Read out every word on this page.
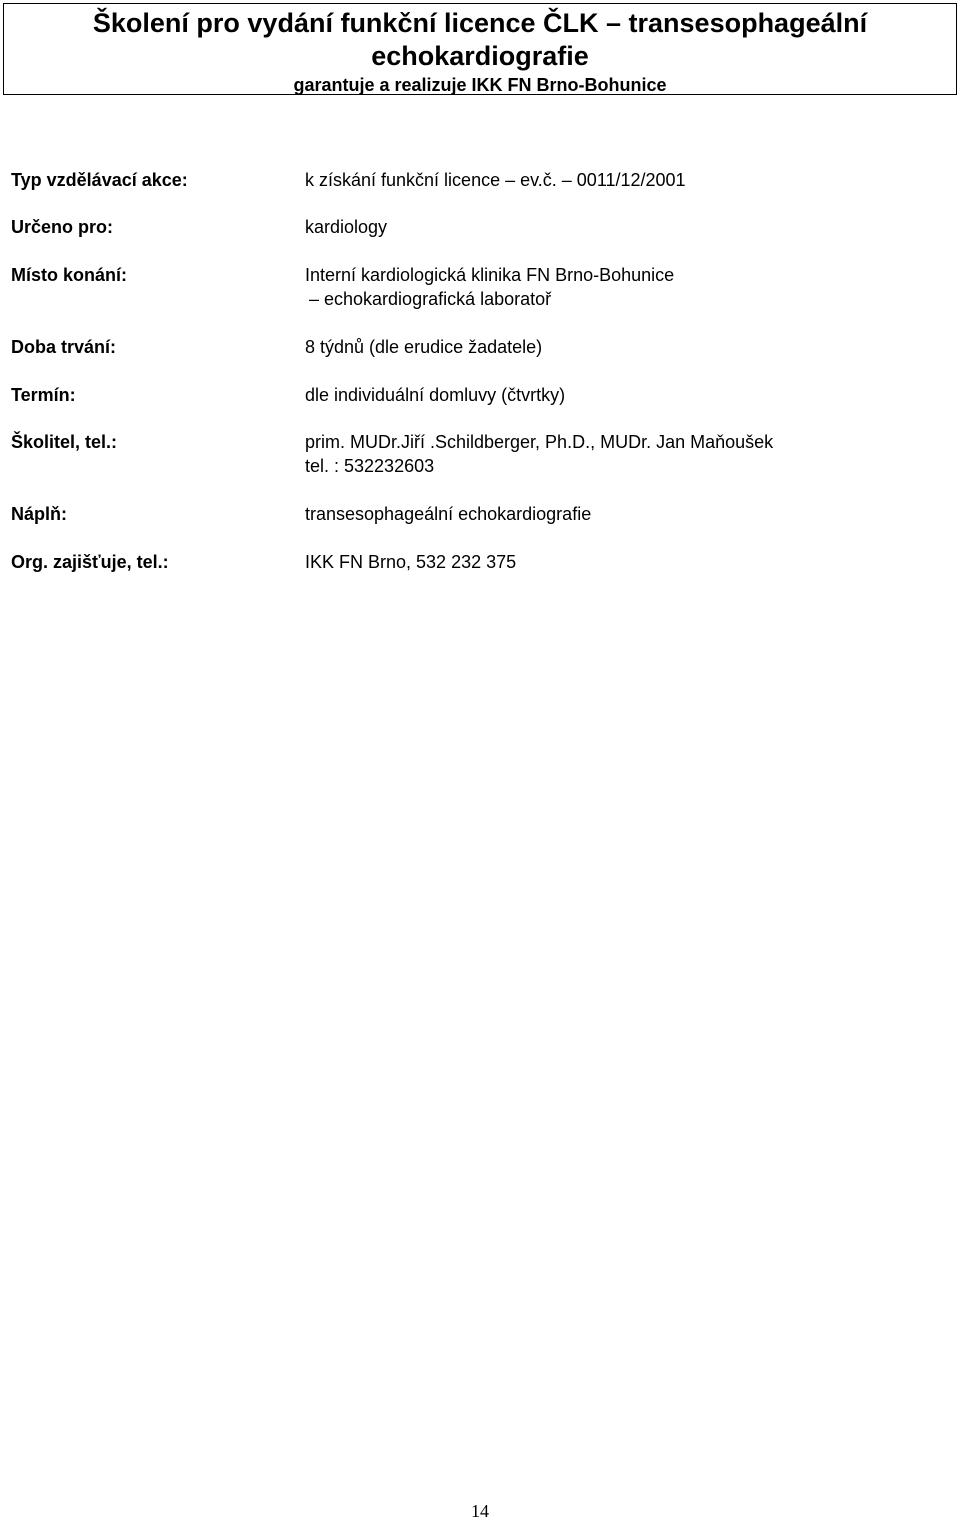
Školení pro vydání funkční licence ČLK – transesophageální
echokardiografie
garantuje a realizuje IKK FN Brno-Bohunice
Typ vzdělávací akce:	k získání funkční licence – ev.č. – 0011/12/2001
Určeno pro:	kardiology
Místo konání:	Interní kardiologická klinika FN Brno-Bohunice
– echokardiografická laboratoř
Doba trvání:	8 týdnů (dle erudice žadatele)
Termín:	dle individuální domluvy (čtvrtky)
Školitel, tel.:	prim. MUDr.Jiří .Schildberger, Ph.D., MUDr. Jan Maňoušek
tel. : 532232603
Náplň:	transesophageální echokardiografie
Org. zajišťuje, tel.:	IKK FN Brno, 532 232 375
14
